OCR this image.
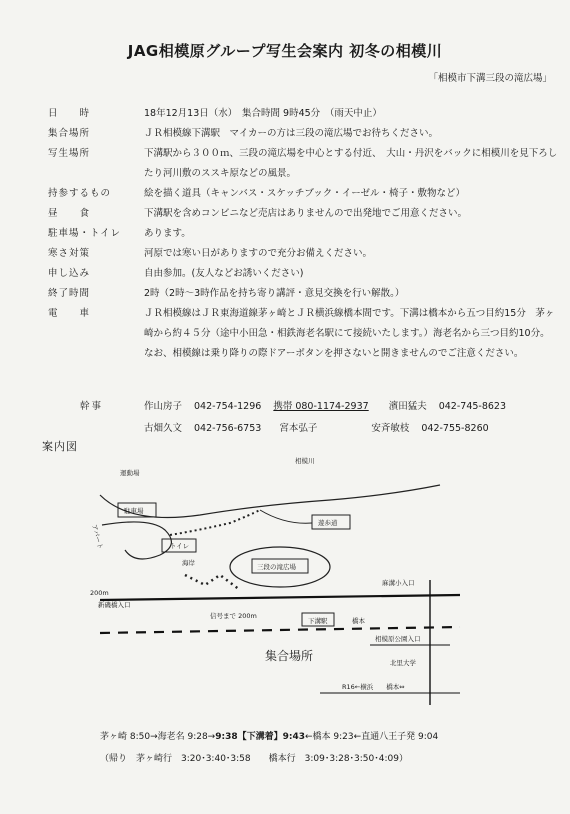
JAG相模原グループ写生会案内 初冬の相模川
「相模市下溝三段の滝広場」
日　　時	18年12月13日（水）　集合時間 9時45分　（雨天中止）
集合場所	ＪＲ相模線下溝駅　マイカーの方は三段の滝広場でお待ちください。
写生場所	下溝駅から３００ｍ、三段の滝広場を中心とする付近、　大山・丹沢をバックに相模川を見下ろしたり河川敷のススキ原などの風景。
持参するもの	絵を描く道具（キャンバス・スケッチブック・イーゼル・椅子・敷物など）
昼　　食	下溝駅を含めコンビニなど売店はありませんので出発地でご用意ください。
駐車場・トイレ	あります。
寒さ対策	河原では寒い日がありますので充分お備えください。
申し込み	自由参加。(友人などお誘いください)
終了時間	2時（2時～3時作品を持ち寄り講評・意見交換を行い解散。）
電　　車	ＪＲ相模線はＪＲ東海道線茅ヶ崎とＪＲ横浜線橋本間です。下溝は橋本から五つ目約15分　茅ヶ崎から約４５分（途中小田急・相鉄海老名駅にて接続いたします。）海老名から三つ目約10分。なお、相模線は乗り降りの際ドアーボタンを押さないと開きませんのでご注意ください。
幹事	作山房子 042-754-1296 携帯 080-1174-2937 濱田猛夫 042-745-8623
古畑久文 042-756-6753 宮本弘子	安斉敏枝 042-755-8260
案内図
運動場
相模川
駐車場
トイレ
遊歩道
三段の滝広場
アパート
海岸
200m
新磯橋入口
信号まで 200m
下溝駅	橋本
麻溝小入口
相模原公園入口
集合場所	北里大学
R16←横浜　　橋本⇔
茅ヶ崎 8:50→海老名 9:28→9:38【下溝着】9:43←橋本 9:23←直通八王子発 9:04
（帰り　茅ヶ崎行　3:20･3:40･3:58　　橋本行　3:09･3:28･3:50･4:09）
